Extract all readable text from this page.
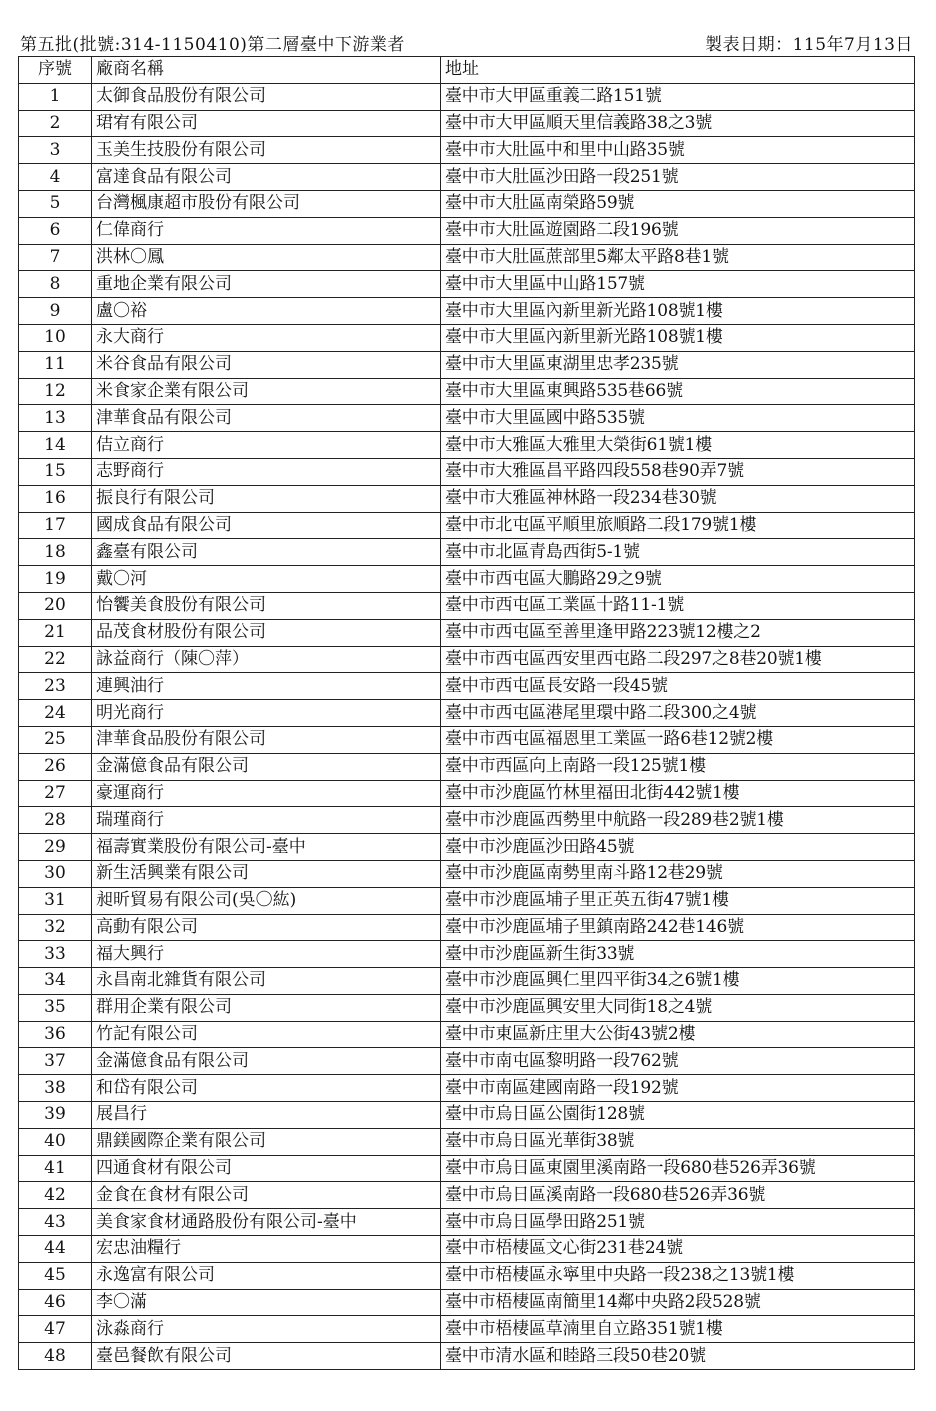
第五批(批號:314-1150410)第二層臺中下游業者	製表日期：115年7月13日
序號	廠商名稱	地址
1	太御食品股份有限公司	臺中市大甲區重義二路151號
2	珺宥有限公司	臺中市大甲區順天里信義路38之3號
3	玉美生技股份有限公司	臺中市大肚區中和里中山路35號
4	富達食品有限公司	臺中市大肚區沙田路一段251號
5	台灣楓康超市股份有限公司	臺中市大肚區南榮路59號
6	仁偉商行	臺中市大肚區遊園路二段196號
7	洪林〇鳳	臺中市大肚區蔗部里5鄰太平路8巷1號
8	重地企業有限公司	臺中市大里區中山路157號
9	盧〇裕	臺中市大里區內新里新光路108號1樓
10	永大商行	臺中市大里區內新里新光路108號1樓
11	米谷食品有限公司	臺中市大里區東湖里忠孝235號
12	米食家企業有限公司	臺中市大里區東興路535巷66號
13	津華食品有限公司	臺中市大里區國中路535號
14	佶立商行	臺中市大雅區大雅里大榮街61號1樓
15	志野商行	臺中市大雅區昌平路四段558巷90弄7號
16	振良行有限公司	臺中市大雅區神林路一段234巷30號
17	國成食品有限公司	臺中市北屯區平順里旅順路二段179號1樓
18	鑫臺有限公司	臺中市北區青島西街5-1號
19	戴〇河	臺中市西屯區大鵬路29之9號
20	怡饗美食股份有限公司	臺中市西屯區工業區十路11-1號
21	品茂食材股份有限公司	臺中市西屯區至善里逢甲路223號12樓之2
22	詠益商行（陳〇萍）	臺中市西屯區西安里西屯路二段297之8巷20號1樓
23	連興油行	臺中市西屯區長安路一段45號
24	明光商行	臺中市西屯區港尾里環中路二段300之4號
25	津華食品股份有限公司	臺中市西屯區福恩里工業區一路6巷12號2樓
26	金滿億食品有限公司	臺中市西區向上南路一段125號1樓
27	豪運商行	臺中市沙鹿區竹林里福田北街442號1樓
28	瑞瑾商行	臺中市沙鹿區西勢里中航路一段289巷2號1樓
29	福壽實業股份有限公司-臺中	臺中市沙鹿區沙田路45號
30	新生活興業有限公司	臺中市沙鹿區南勢里南斗路12巷29號
31	昶昕貿易有限公司(吳〇紘)	臺中市沙鹿區埔子里正英五街47號1樓
32	高動有限公司	臺中市沙鹿區埔子里鎮南路242巷146號
33	福大興行	臺中市沙鹿區新生街33號
34	永昌南北雜貨有限公司	臺中市沙鹿區興仁里四平街34之6號1樓
35	群用企業有限公司	臺中市沙鹿區興安里大同街18之4號
36	竹記有限公司	臺中市東區新庄里大公街43號2樓
37	金滿億食品有限公司	臺中市南屯區黎明路一段762號
38	和岱有限公司	臺中市南區建國南路一段192號
39	展昌行	臺中市烏日區公園街128號
40	鼎鎂國際企業有限公司	臺中市烏日區光華街38號
41	四通食材有限公司	臺中市烏日區東園里溪南路一段680巷526弄36號
42	金食在食材有限公司	臺中市烏日區溪南路一段680巷526弄36號
43	美食家食材通路股份有限公司-臺中	臺中市烏日區學田路251號
44	宏忠油糧行	臺中市梧棲區文心街231巷24號
45	永逸富有限公司	臺中市梧棲區永寧里中央路一段238之13號1樓
46	李〇滿	臺中市梧棲區南簡里14鄰中央路2段528號
47	泳淼商行	臺中市梧棲區草湳里自立路351號1樓
48	臺邑餐飲有限公司	臺中市清水區和睦路三段50巷20號
